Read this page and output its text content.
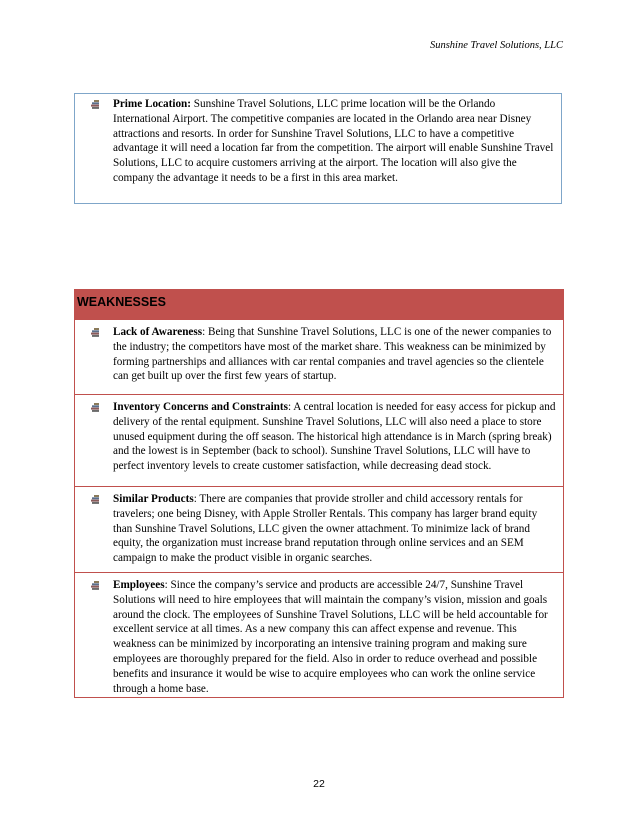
Sunshine Travel Solutions, LLC
Prime Location: Sunshine Travel Solutions, LLC prime location will be the Orlando International Airport. The competitive companies are located in the Orlando area near Disney attractions and resorts. In order for Sunshine Travel Solutions, LLC to have a competitive advantage it will need a location far from the competition. The airport will enable Sunshine Travel Solutions, LLC to acquire customers arriving at the airport. The location will also give the company the advantage it needs to be a first in this area market.
WEAKNESSES
Lack of Awareness: Being that Sunshine Travel Solutions, LLC is one of the newer companies to the industry; the competitors have most of the market share. This weakness can be minimized by forming partnerships and alliances with car rental companies and travel agencies so the clientele can get built up over the first few years of startup.
Inventory Concerns and Constraints: A central location is needed for easy access for pickup and delivery of the rental equipment. Sunshine Travel Solutions, LLC will also need a place to store unused equipment during the off season. The historical high attendance is in March (spring break) and the lowest is in September (back to school). Sunshine Travel Solutions, LLC will have to perfect inventory levels to create customer satisfaction, while decreasing dead stock.
Similar Products: There are companies that provide stroller and child accessory rentals for travelers; one being Disney, with Apple Stroller Rentals. This company has larger brand equity than Sunshine Travel Solutions, LLC given the owner attachment. To minimize lack of brand equity, the organization must increase brand reputation through online services and an SEM campaign to make the product visible in organic searches.
Employees: Since the company’s service and products are accessible 24/7, Sunshine Travel Solutions will need to hire employees that will maintain the company’s vision, mission and goals around the clock. The employees of Sunshine Travel Solutions, LLC will be held accountable for excellent service at all times. As a new company this can affect expense and revenue. This weakness can be minimized by incorporating an intensive training program and making sure employees are thoroughly prepared for the field. Also in order to reduce overhead and possible benefits and insurance it would be wise to acquire employees who can work the online service through a home base.
22
